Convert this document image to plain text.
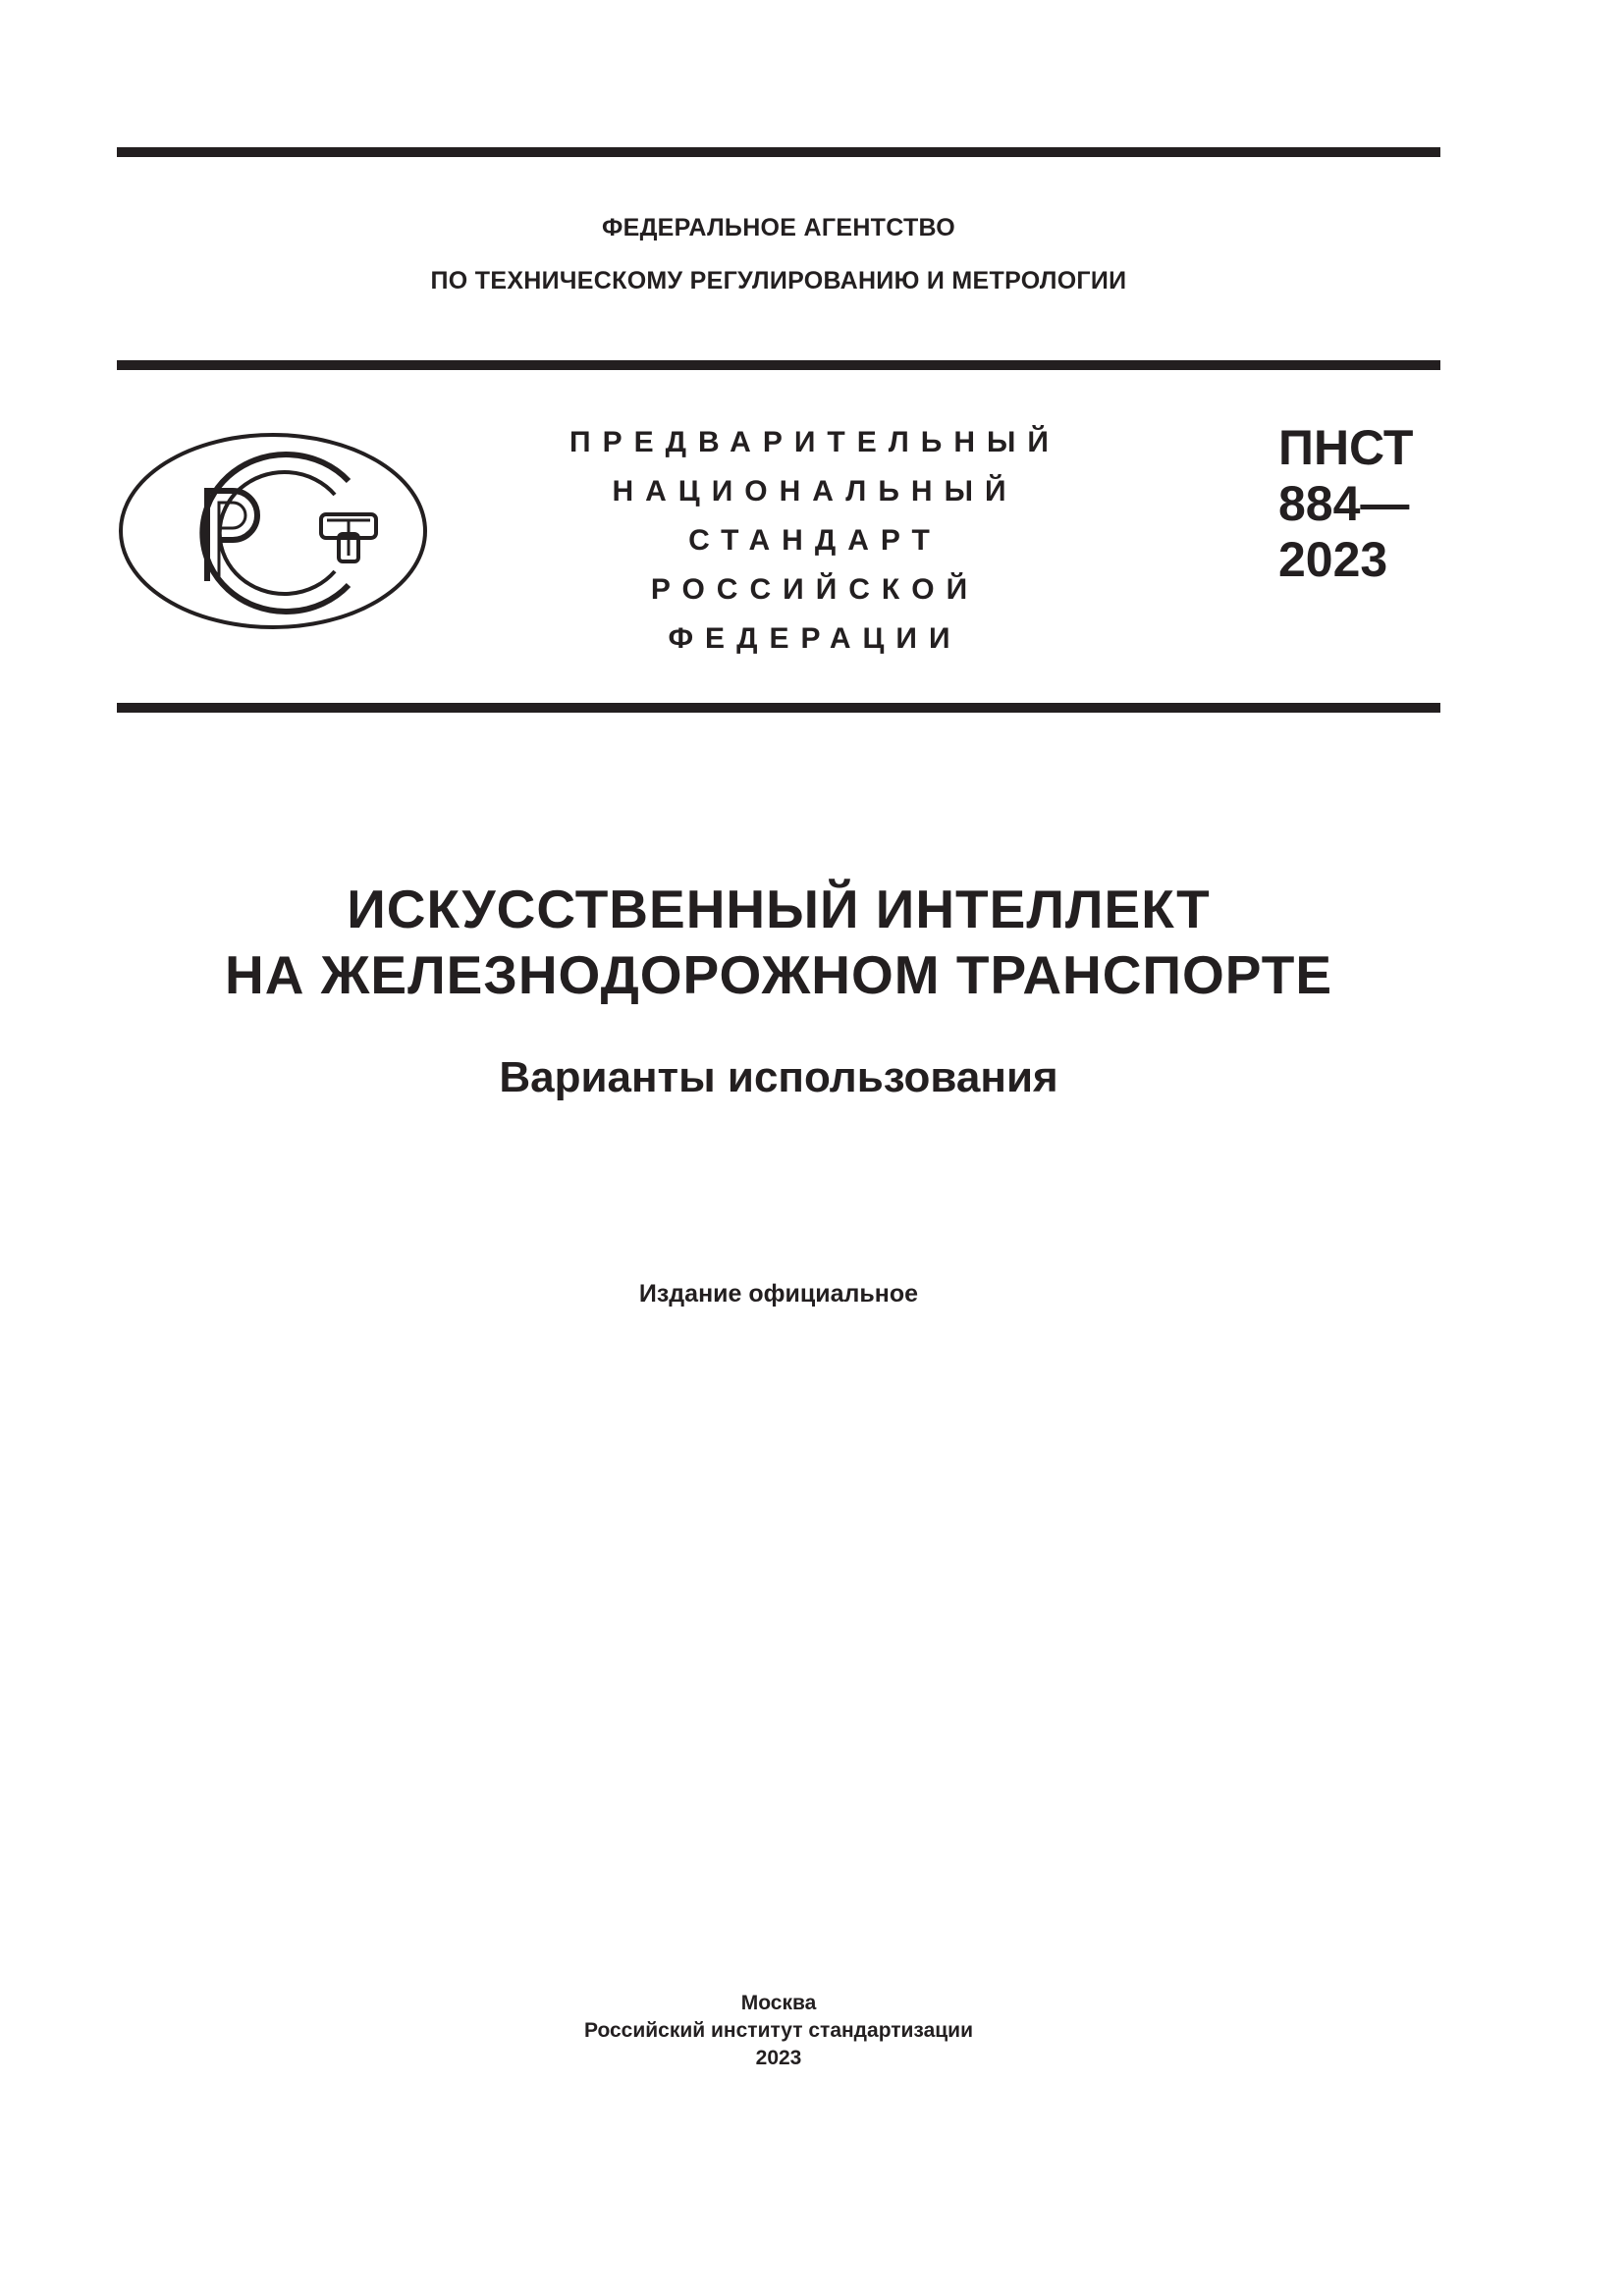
ФЕДЕРАЛЬНОЕ АГЕНТСТВО
ПО ТЕХНИЧЕСКОМУ РЕГУЛИРОВАНИЮ И МЕТРОЛОГИИ
ПРЕДВАРИТЕЛЬНЫЙ
НАЦИОНАЛЬНЫЙ
СТАНДАРТ
РОССИЙСКОЙ
ФЕДЕРАЦИИ
ПНСТ
884—
2023
ИСКУССТВЕННЫЙ ИНТЕЛЛЕКТ
НА ЖЕЛЕЗНОДОРОЖНОМ ТРАНСПОРТЕ
Варианты использования
Издание официальное
Москва
Российский институт стандартизации
2023
